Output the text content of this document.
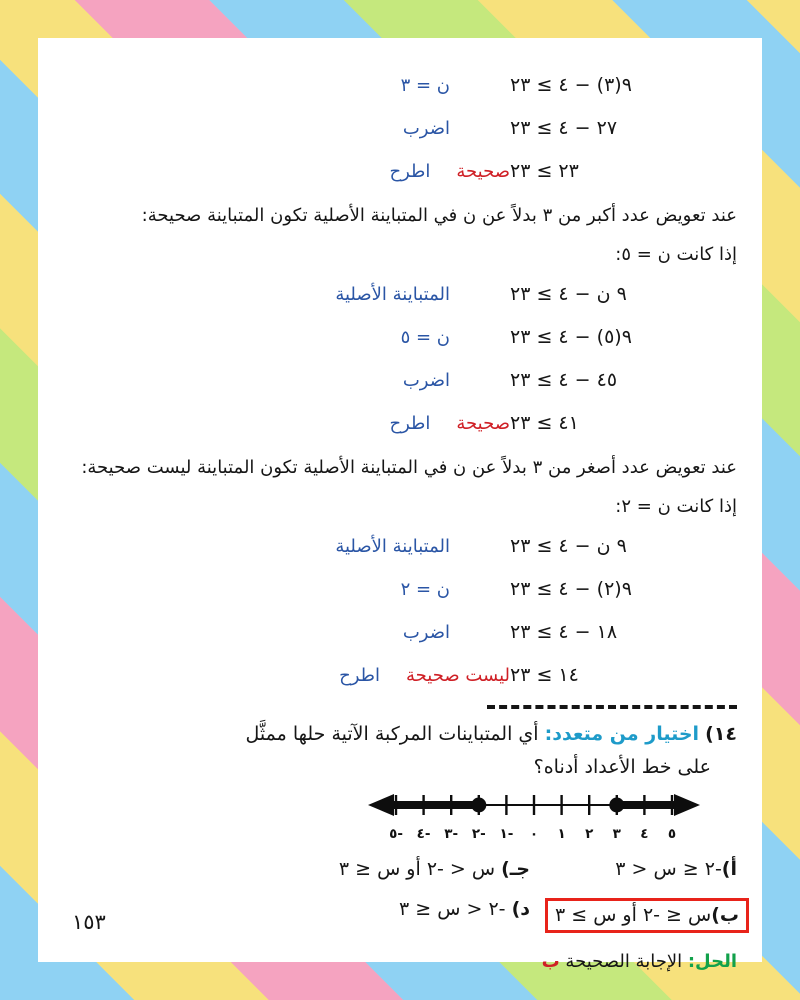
ن = ٣	٩(٣) − ٤ ≥ ٢٣
اضرب	٢٧ − ٤ ≥ ٢٣
اطرح صحيحة ٢٣ ≥ ٢٣

عند تعويض عدد أكبر من ٣ بدلاً عن ن في المتباينة الأصلية تكون المتباينة صحيحة:

إذا كانت ن = ٥:

المتباينة الأصلية	٩ ن − ٤ ≥ ٢٣
ن = ٥	٩(٥) − ٤ ≥ ٢٣
اضرب	٤٥ − ٤ ≥ ٢٣
اطرح صحيحة ٤١ ≥ ٢٣

عند تعويض عدد أصغر من ٣ بدلاً عن ن في المتباينة الأصلية تكون المتباينة ليست صحيحة:

إذا كانت ن = ٢:

المتباينة الأصلية	٩ ن − ٤ ≥ ٢٣
ن = ٢	٩(٢) − ٤ ≥ ٢٣
اضرب	١٨ − ٤ ≥ ٢٣
اطرح ليست صحيحة ١٤ ≥ ٢٣
١٤) اختيار من متعدد: أي المتباينات المركبة الآتية حلها ممثَّل
على خط الأعداد أدناه؟
٥- ٤- ٣- ٢- ١- ٠ ١ ٢ ٣ ٤ ٥
أ)-٢ ≤ س < ٣
جـ) س < -٢ أو س ≤ ٣
ب)س ≤ -٢ أو س ≥ ٣
د) -٢ < س ≤ ٣
الحل: الإجابة الصحيحة ب
١٥٣
